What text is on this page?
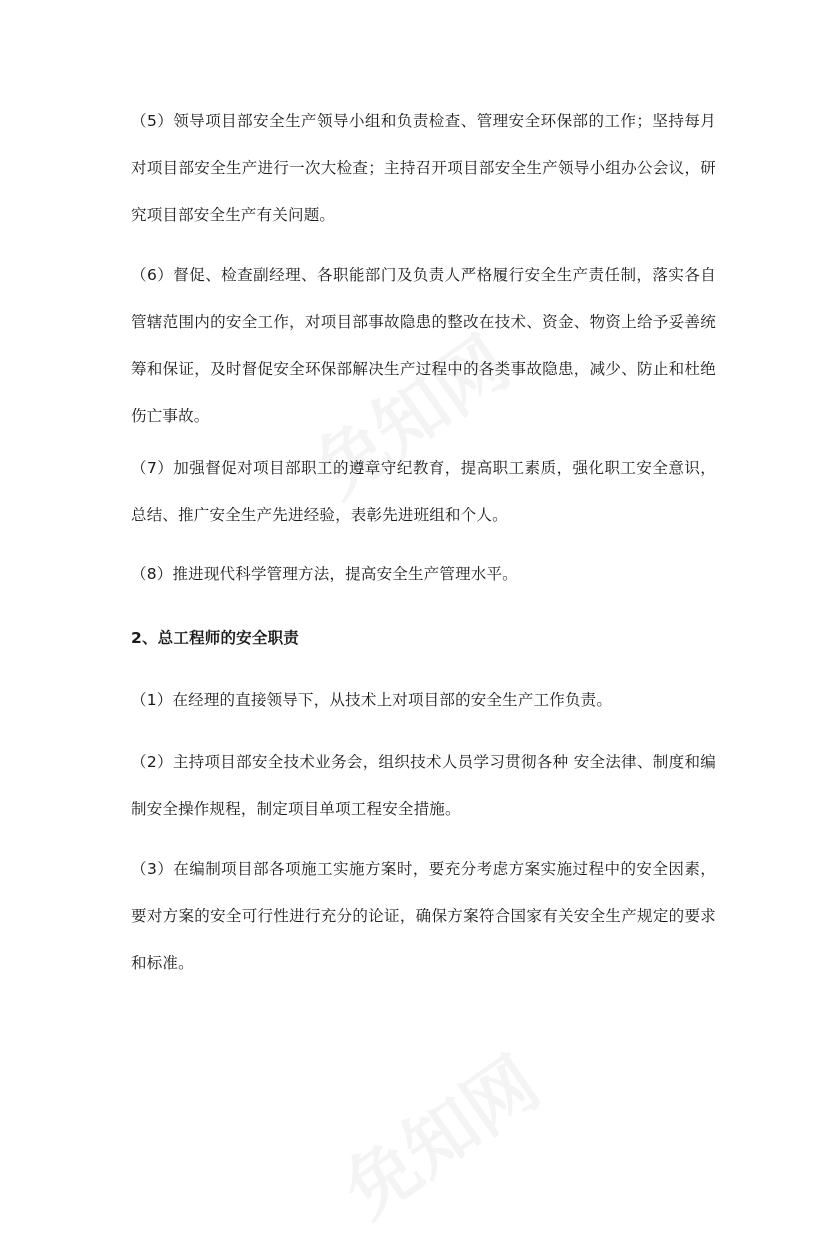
（5）领导项目部安全生产领导小组和负责检查、管理安全环保部的工作；坚持每月对项目部安全生产进行一次大检查；主持召开项目部安全生产领导小组办公会议，研究项目部安全生产有关问题。

（6）督促、检查副经理、各职能部门及负责人严格履行安全生产责任制，落实各自管辖范围内的安全工作，对项目部事故隐患的整改在技术、资金、物资上给予妥善统筹和保证，及时督促安全环保部解决生产过程中的各类事故隐患，减少、防止和杜绝伤亡事故。

（7）加强督促对项目部职工的遵章守纪教育，提高职工素质，强化职工安全意识，总结、推广安全生产先进经验，表彰先进班组和个人。

（8）推进现代科学管理方法，提高安全生产管理水平。

2、总工程师的安全职责

（1）在经理的直接领导下，从技术上对项目部的安全生产工作负责。

（2）主持项目部安全技术业务会，组织技术人员学习贯彻各种 安全法律、制度和编制安全操作规程，制定项目单项工程安全措施。

（3）在编制项目部各项施工实施方案时，要充分考虑方案实施过程中的安全因素，要对方案的安全可行性进行充分的论证，确保方案符合国家有关安全生产规定的要求和标准。
